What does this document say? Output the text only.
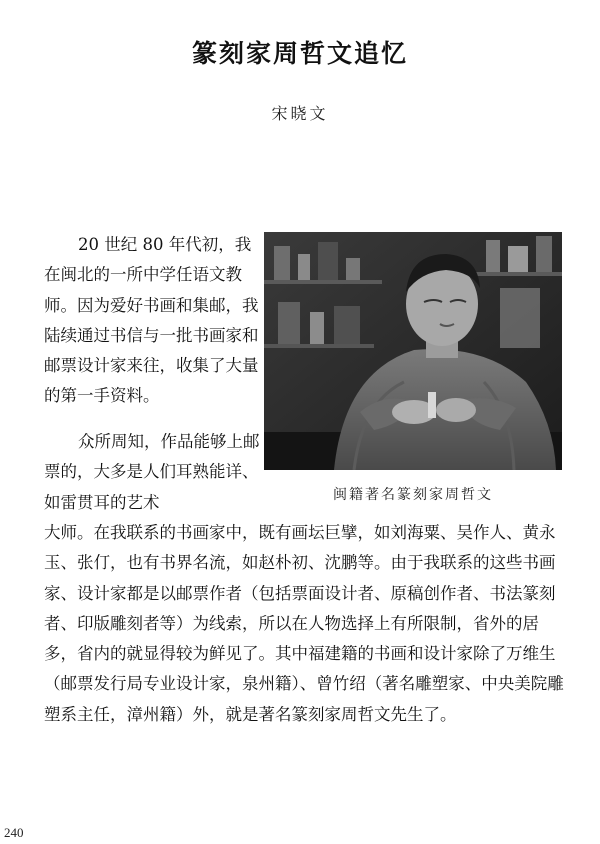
篆刻家周哲文追忆
宋晓文

20 世纪 80 年代初，我在闽北的一所中学任语文教师。因为爱好书画和集邮，我陆续通过书信与一批书画家和邮票设计家来往，收集了大量的第一手资料。

众所周知，作品能够上邮票的，大多是人们耳熟能详、如雷贯耳的艺术	闽籍著名篆刻家周哲文

大师。在我联系的书画家中，既有画坛巨擘，如刘海粟、吴作人、黄永玉、张仃，也有书界名流，如赵朴初、沈鹏等。由于我联系的这些书画家、设计家都是以邮票作者（包括票面设计者、原稿创作者、书法篆刻者、印版雕刻者等）为线索，所以在人物选择上有所限制，省外的居多，省内的就显得较为鲜见了。其中福建籍的书画和设计家除了万维生（邮票发行局专业设计家，泉州籍）、曾竹绍（著名雕塑家、中央美院雕塑系主任，漳州籍）外，就是著名篆刻家周哲文先生了。

240
